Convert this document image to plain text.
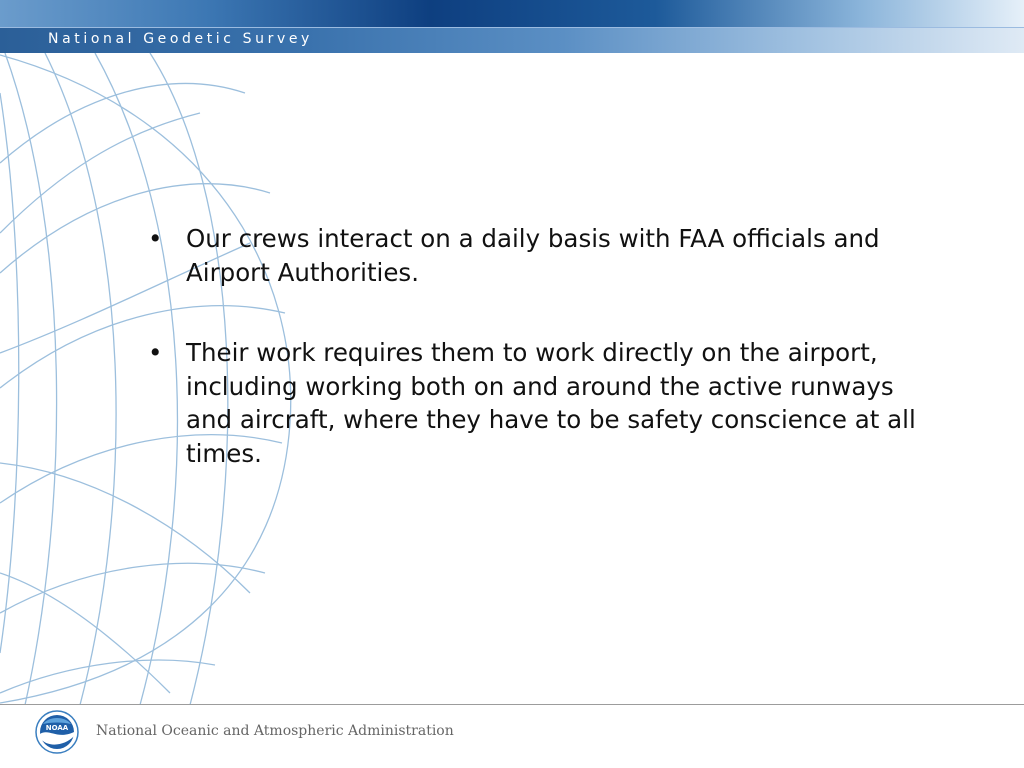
National Geodetic Survey
• Our crews interact on a daily basis with FAA officials and Airport Authorities.
• Their work requires them to work directly on the airport, including working both on and around the active runways and aircraft, where they have to be safety conscience at all times.
NOAA National Oceanic and Atmospheric Administration
